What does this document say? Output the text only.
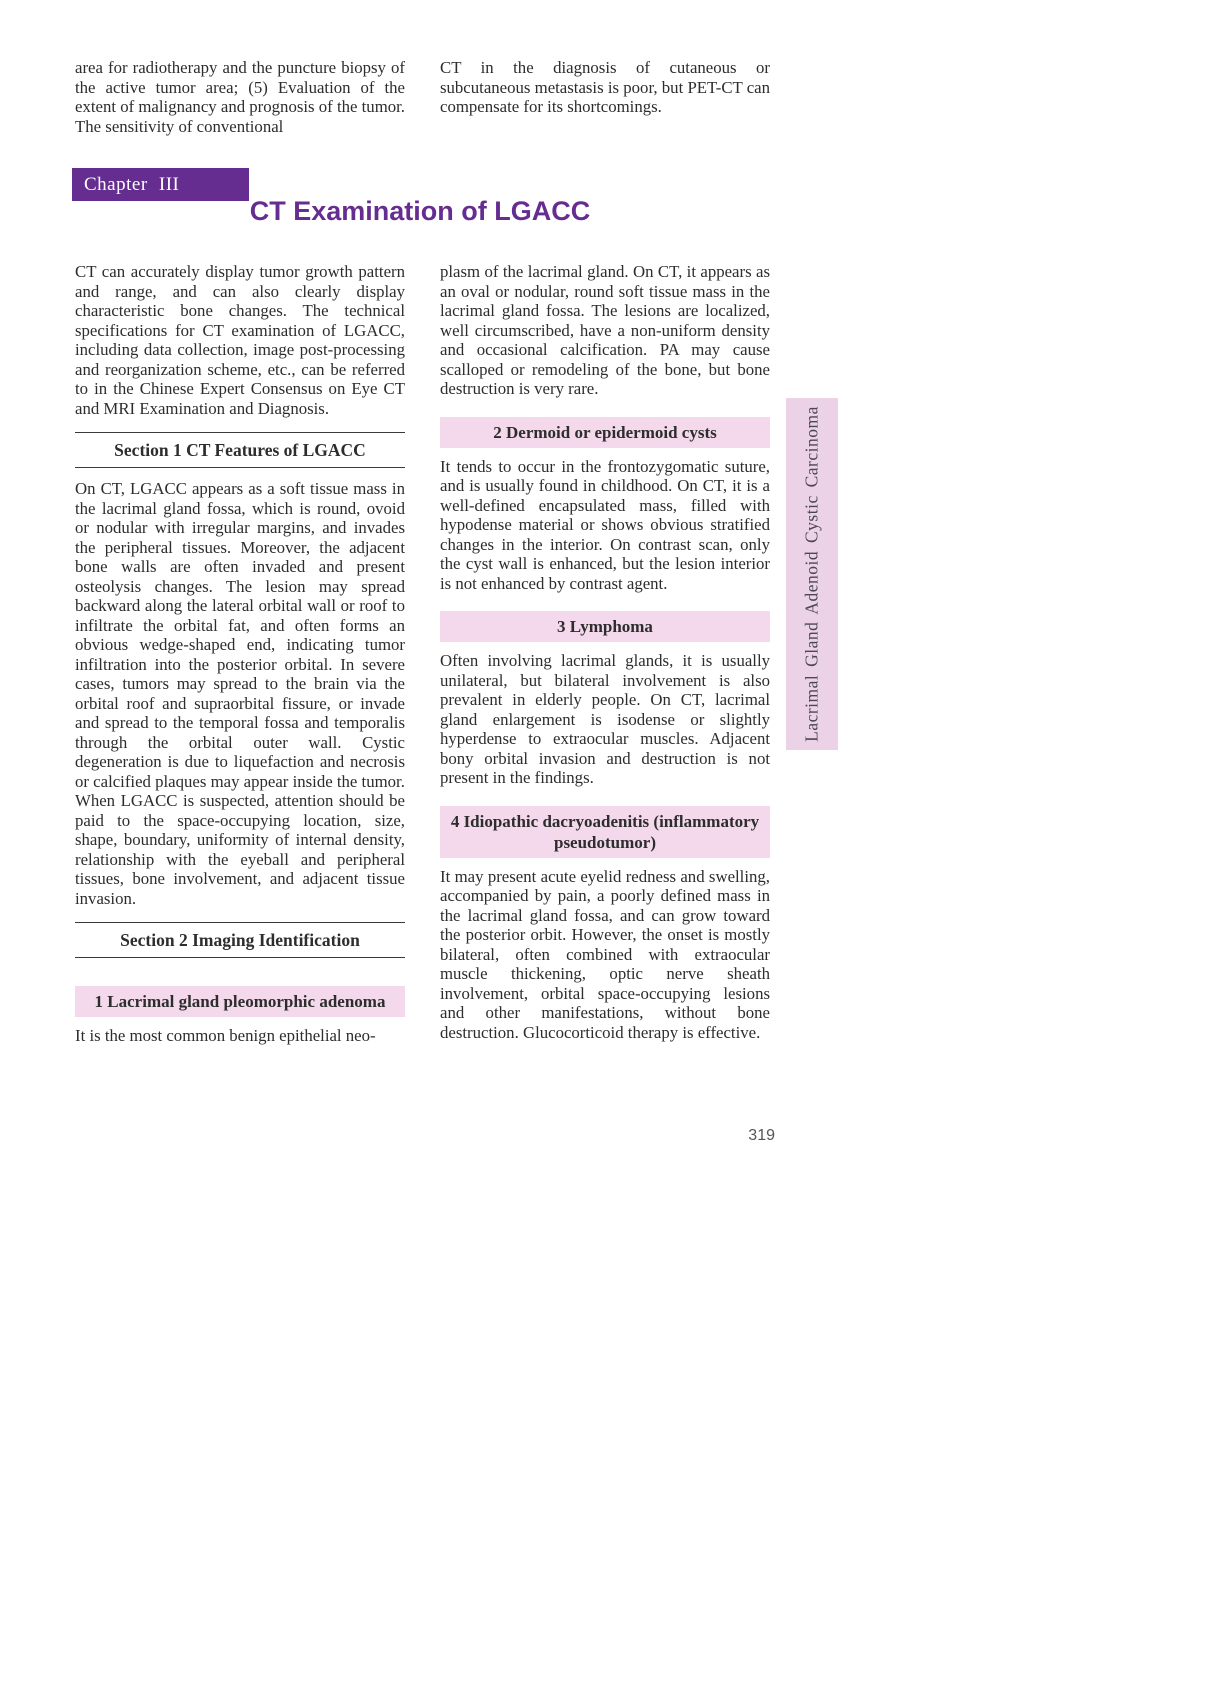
area for radiotherapy and the puncture biopsy of the active tumor area; (5) Evaluation of the extent of malignancy and prognosis of the tumor. The sensitivity of conventional

CT in the diagnosis of cutaneous or subcutaneous metastasis is poor, but PET-CT can compensate for its shortcomings.

Chapter III
CT Examination of LGACC

CT can accurately display tumor growth pattern and range, and can also clearly display characteristic bone changes. The technical specifications for CT examination of LGACC, including data collection, image post-processing and reorganization scheme, etc., can be referred to in the Chinese Expert Consensus on Eye CT and MRI Examination and Diagnosis.

Section 1 CT Features of LGACC

On CT, LGACC appears as a soft tissue mass in the lacrimal gland fossa, which is round, ovoid or nodular with irregular margins, and invades the peripheral tissues. Moreover, the adjacent bone walls are often invaded and present osteolysis changes. The lesion may spread backward along the lateral orbital wall or roof to infiltrate the orbital fat, and often forms an obvious wedge-shaped end, indicating tumor infiltration into the posterior orbital. In severe cases, tumors may spread to the brain via the orbital roof and supraorbital fissure, or invade and spread to the temporal fossa and temporalis through the orbital outer wall. Cystic degeneration is due to liquefaction and necrosis or calcified plaques may appear inside the tumor.

When LGACC is suspected, attention should be paid to the space-occupying location, size, shape, boundary, uniformity of internal density, relationship with the eyeball and peripheral tissues, bone involvement, and adjacent tissue invasion.

Section 2 Imaging Identification
1 Lacrimal gland pleomorphic adenoma

It is the most common benign epithelial neo-

plasm of the lacrimal gland. On CT, it appears as an oval or nodular, round soft tissue mass in the lacrimal gland fossa. The lesions are localized, well circumscribed, have a non-uniform density and occasional calcification. PA may cause scalloped or remodeling of the bone, but bone destruction is very rare.

2 Dermoid or epidermoid cysts

It tends to occur in the frontozygomatic suture, and is usually found in childhood. On CT, it is a well-defined encapsulated mass, filled with hypodense material or shows obvious stratified changes in the interior. On contrast scan, only the cyst wall is enhanced, but the lesion interior is not enhanced by contrast agent.

3 Lymphoma

Often involving lacrimal glands, it is usually unilateral, but bilateral involvement is also prevalent in elderly people. On CT, lacrimal gland enlargement is isodense or slightly hyperdense to extraocular muscles. Adjacent bony orbital invasion and destruction is not present in the findings.

4 Idiopathic dacryoadenitis (inflammatory pseudotumor)

It may present acute eyelid redness and swelling, accompanied by pain, a poorly defined mass in the lacrimal gland fossa, and can grow toward the posterior orbit. However, the onset is mostly bilateral, often combined with extraocular muscle thickening, optic nerve sheath involvement, orbital space-occupying lesions and other manifestations, without bone destruction. Glucocorticoid therapy is effective.

Lacrimal Gland Adenoid Cystic Carcinoma
319
